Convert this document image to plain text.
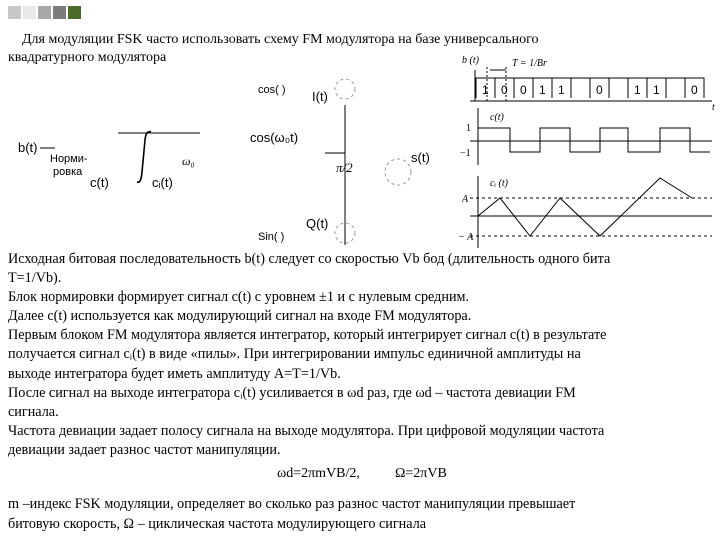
Для модуляции FSK часто использовать схему FM модулятора на базе универсального
квадратурного модулятора
b(t)
Норми-
ровка
c(t)	cᵢ(t)
ω₀
cos( ) I(t)
cos(ω₀t)
π/2
s(t)
Sin( )
Q(t)
b (t)	T = 1/Br
1 0 0 1 1	0	1 1	0
t
c(t)
1
−1
cᵢ (t)
A
− A

Исходная битовая последовательность b(t) следует со скоростью Vb бод (длительность одного бита

T=1/Vb).

Блок нормировки формирует сигнал c(t) с уровнем ±1 и с нулевым средним.

Далее c(t) используется как модулирующий сигнал на входе FM модулятора.

Первым блоком FM модулятора является интегратор, который интегрирует сигнал c(t) в результате

получается сигнал cᵢ(t) в виде «пилы». При интегрировании импульс единичной амплитуды на

выходе интегратора будет иметь амплитуду A=T=1/Vb.

После сигнал на выходе интегратора cᵢ(t) усиливается в ωd раз, где ωd – частота девиации FM

сигнала.

Частота девиации задает полосу сигнала на выходе модулятора. При цифровой модуляции частота

девиации задает разнос частот манипуляции.

ωd=2πmVB/2,	Ω=2πVB

m –индекс FSK модуляции, определяет во сколько раз разнос частот манипуляции превышает

битовую скорость, Ω – циклическая частота модулирующего сигнала
